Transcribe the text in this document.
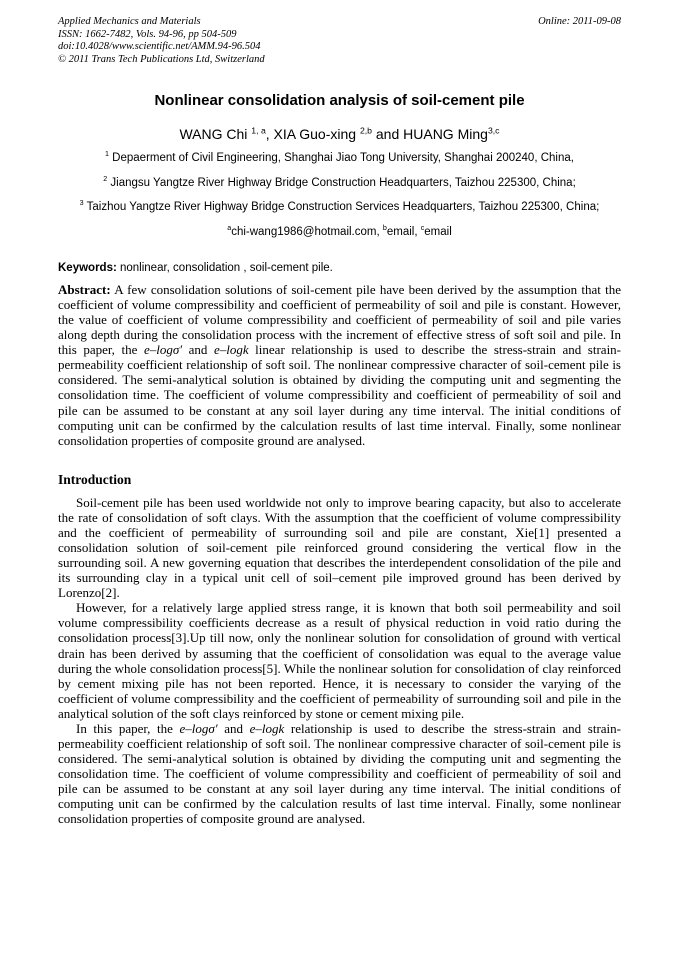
Applied Mechanics and Materials
ISSN: 1662-7482, Vols. 94-96, pp 504-509
doi:10.4028/www.scientific.net/AMM.94-96.504
© 2011 Trans Tech Publications Ltd, Switzerland
Online: 2011-09-08
Nonlinear consolidation analysis of soil-cement pile
WANG Chi $^{1, a}$, XIA Guo-xing $^{2,b}$ and HUANG Ming$^{3,c}$
$^1$ Depaerment of Civil Engineering, Shanghai Jiao Tong University, Shanghai 200240, China,
$^2$ Jiangsu Yangtze River Highway Bridge Construction Headquarters, Taizhou 225300, China;
$^3$ Taizhou Yangtze River Highway Bridge Construction Services Headquarters, Taizhou 225300, China;
$^a$chi-wang1986@hotmail.com, $^b$email, $^c$email

Keywords: nonlinear, consolidation , soil-cement pile.

Abstract: A few consolidation solutions of soil-cement pile have been derived by the assumption that the coefficient of volume compressibility and coefficient of permeability of soil and pile is constant. However, the value of coefficient of volume compressibility and coefficient of permeability of soil and pile varies along depth during the consolidation process with the increment of effective stress of soft soil and pile. In this paper, the e–logσ′ and e–logk linear relationship is used to describe the stress-strain and strain-permeability coefficient relationship of soft soil. The nonlinear compressive character of soil-cement pile is considered. The semi-analytical solution is obtained by dividing the computing unit and segmenting the consolidation time. The coefficient of volume compressibility and coefficient of permeability of soil and pile can be assumed to be constant at any soil layer during any time interval. The initial conditions of computing unit can be confirmed by the calculation results of last time interval. Finally, some nonlinear consolidation properties of composite ground are analysed.

Introduction

Soil-cement pile has been used worldwide not only to improve bearing capacity, but also to accelerate the rate of consolidation of soft clays. With the assumption that the coefficient of volume compressibility and the coefficient of permeability of surrounding soil and pile are constant, Xie[1] presented a consolidation solution of soil-cement pile reinforced ground considering the vertical flow in the surrounding soil. A new governing equation that describes the interdependent consolidation of the pile and its surrounding clay in a typical unit cell of soil–cement pile improved ground has been derived by Lorenzo[2].

However, for a relatively large applied stress range, it is known that both soil permeability and soil volume compressibility coefficients decrease as a result of physical reduction in void ratio during the consolidation process[3].Up till now, only the nonlinear solution for consolidation of ground with vertical drain has been derived by assuming that the coefficient of consolidation was equal to the average value during the whole consolidation process[5]. While the nonlinear solution for consolidation of clay reinforced by cement mixing pile has not been reported. Hence, it is necessary to consider the varying of the coefficient of volume compressibility and the coefficient of permeability of surrounding soil and pile in the analytical solution of the soft clays reinforced by stone or cement mixing pile.

In this paper, the e–logσ′ and e–logk relationship is used to describe the stress-strain and strain-permeability coefficient relationship of soft soil. The nonlinear compressive character of soil-cement pile is considered. The semi-analytical solution is obtained by dividing the computing unit and segmenting the consolidation time. The coefficient of volume compressibility and coefficient of permeability of soil and pile can be assumed to be constant at any soil layer during any time interval. The initial conditions of computing unit can be confirmed by the calculation results of last time interval. Finally, some nonlinear consolidation properties of composite ground are analysed.
